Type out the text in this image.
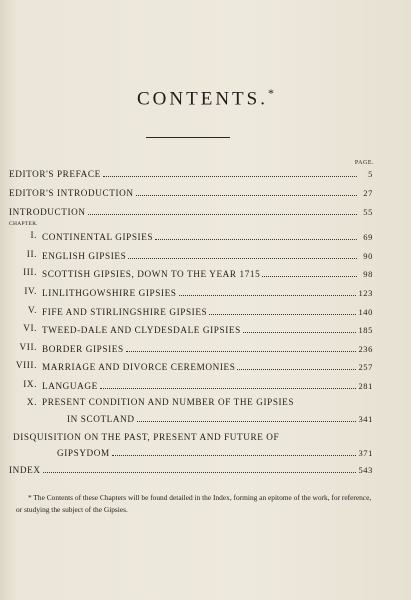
CONTENTS.*
PAGE.
CHAPTER.
EDITOR'S PREFACE	5
EDITOR'S INTRODUCTION	27
INTRODUCTION	55
I. CONTINENTAL GIPSIES	69
II. ENGLISH GIPSIES	90
III. SCOTTISH GIPSIES, DOWN TO THE YEAR 1715	98
IV. LINLITHGOWSHIRE GIPSIES	123
V. FIFE AND STIRLINGSHIRE GIPSIES	140
VI. TWEED-DALE AND CLYDESDALE GIPSIES	185
VII. BORDER GIPSIES	236
VIII. MARRIAGE AND DIVORCE CEREMONIES	257
IX. LANGUAGE	281
X. PRESENT CONDITION AND NUMBER OF THE GIPSIES
IN SCOTLAND	341
DISQUISITION ON THE PAST, PRESENT AND FUTURE OF
GIPSYDOM	371
INDEX	543
* The Contents of these Chapters will be found detailed in the Index, forming an epitome of the work, for reference, or studying the subject of the Gipsies.
